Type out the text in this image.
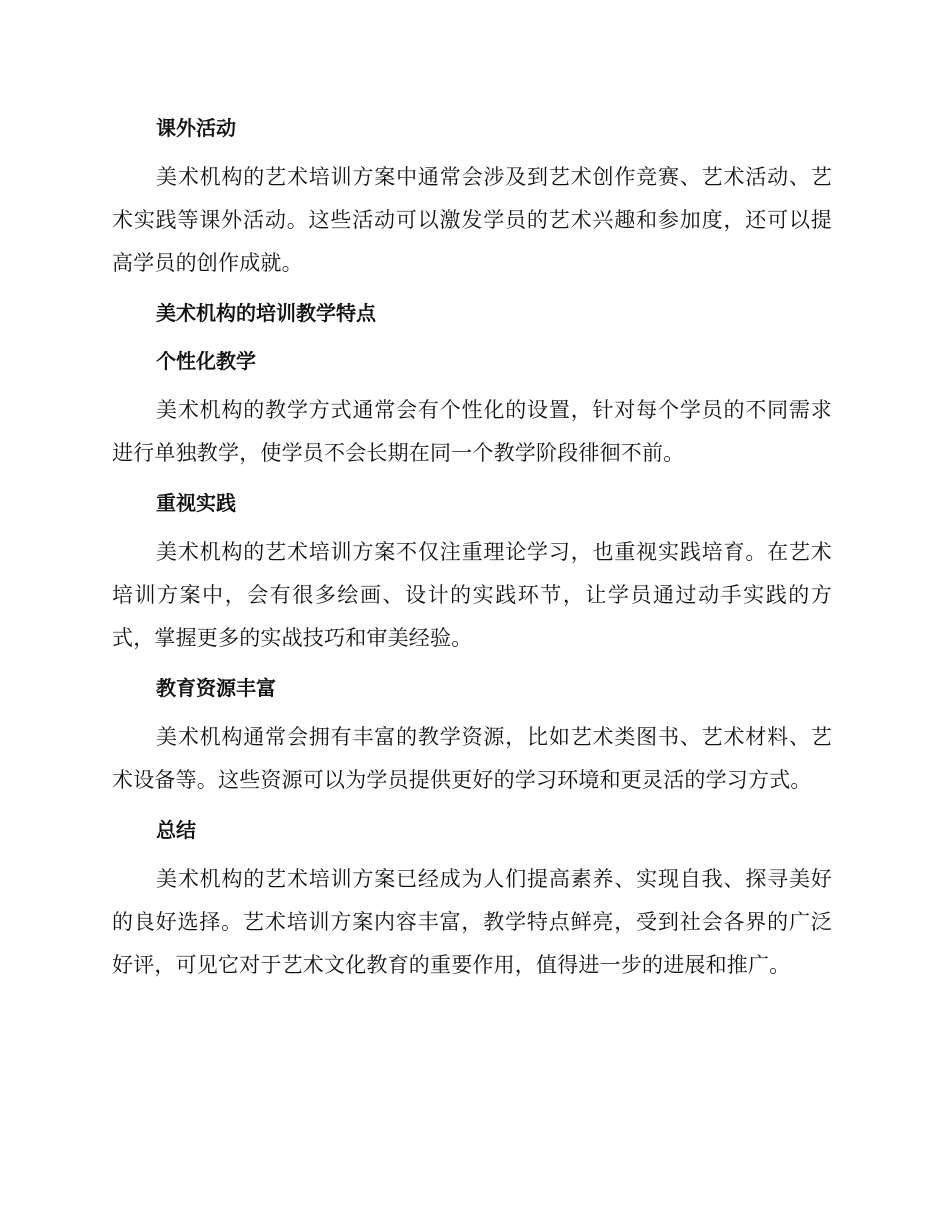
课外活动

美术机构的艺术培训方案中通常会涉及到艺术创作竞赛、艺术活动、艺术实践等课外活动。这些活动可以激发学员的艺术兴趣和参加度，还可以提高学员的创作成就。

美术机构的培训教学特点
个性化教学

美术机构的教学方式通常会有个性化的设置，针对每个学员的不同需求进行单独教学，使学员不会长期在同一个教学阶段徘徊不前。

重视实践

美术机构的艺术培训方案不仅注重理论学习，也重视实践培育。在艺术培训方案中，会有很多绘画、设计的实践环节，让学员通过动手实践的方式，掌握更多的实战技巧和审美经验。

教育资源丰富

美术机构通常会拥有丰富的教学资源，比如艺术类图书、艺术材料、艺术设备等。这些资源可以为学员提供更好的学习环境和更灵活的学习方式。

总结

美术机构的艺术培训方案已经成为人们提高素养、实现自我、探寻美好的良好选择。艺术培训方案内容丰富，教学特点鲜亮，受到社会各界的广泛好评，可见它对于艺术文化教育的重要作用，值得进一步的进展和推广。
